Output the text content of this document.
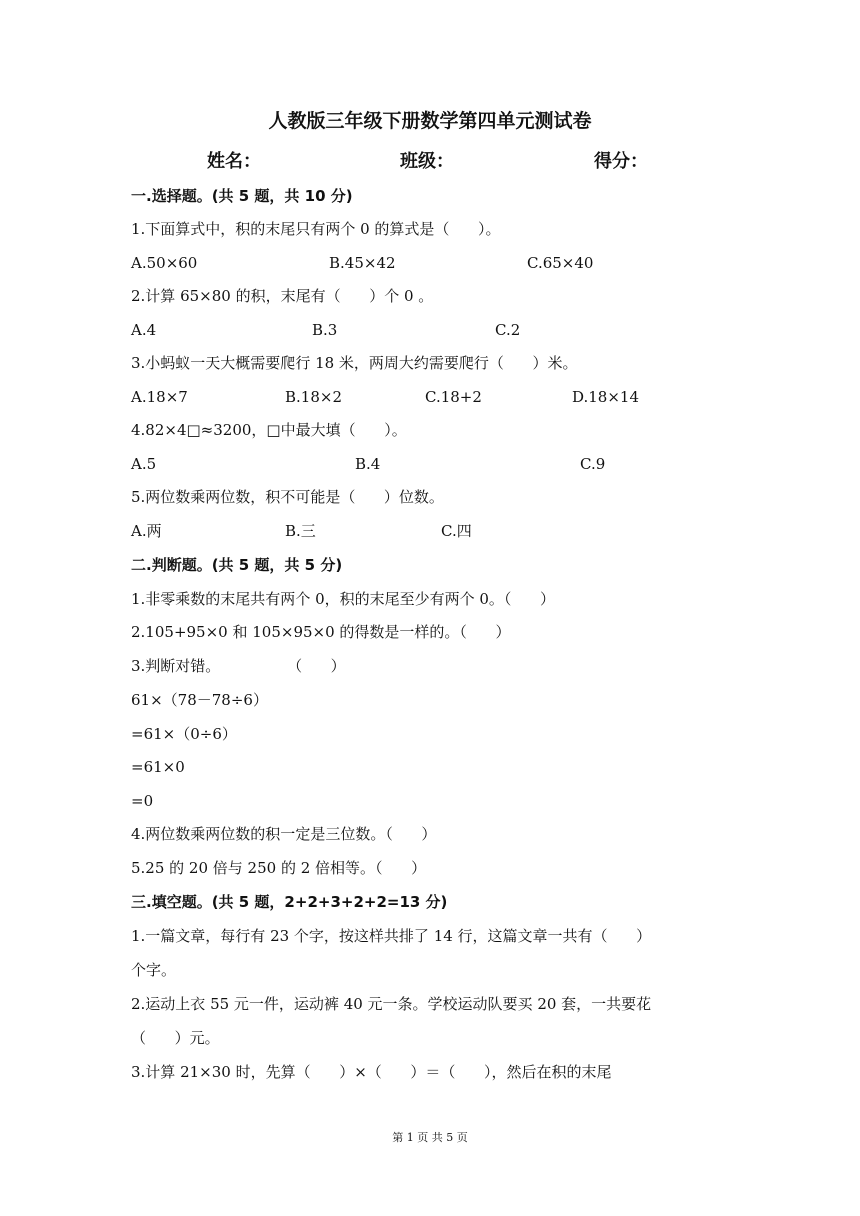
人教版三年级下册数学第四单元测试卷
姓名：	班级：	得分：
一.选择题。(共 5 题，共 10 分)
1.下面算式中，积的末尾只有两个 0 的算式是（      ）。
A.50×60	B.45×42	C.65×40
2.计算 65×80 的积，末尾有（      ）个 0 。
A.4	B.3	C.2
3.小蚂蚁一天大概需要爬行 18 米，两周大约需要爬行（      ）米。
A.18×7	B.18×2	C.18+2	D.18×14
4.82×4□≈3200，□中最大填（      ）。
A.5	B.4	C.9
5.两位数乘两位数，积不可能是（      ）位数。
A.两	B.三	C.四
二.判断题。(共 5 题，共 5 分)
1.非零乘数的末尾共有两个 0，积的末尾至少有两个 0。（      ）
2.105+95×0 和 105×95×0 的得数是一样的。（      ）
3.判断对错。              （      ）
61×（78－78÷6）
=61×（0÷6）
=61×0
=0
4.两位数乘两位数的积一定是三位数。（      ）
5.25 的 20 倍与 250 的 2 倍相等。（      ）
三.填空题。(共 5 题，2+2+3+2+2=13 分)
1.一篇文章，每行有 23 个字，按这样共排了 14 行，这篇文章一共有（      ）
个字。
2.运动上衣 55 元一件，运动裤 40 元一条。学校运动队要买 20 套，一共要花
（      ）元。
3.计算 21×30 时，先算（      ）×（      ）＝（      ），然后在积的末尾
第 1 页 共 5 页
